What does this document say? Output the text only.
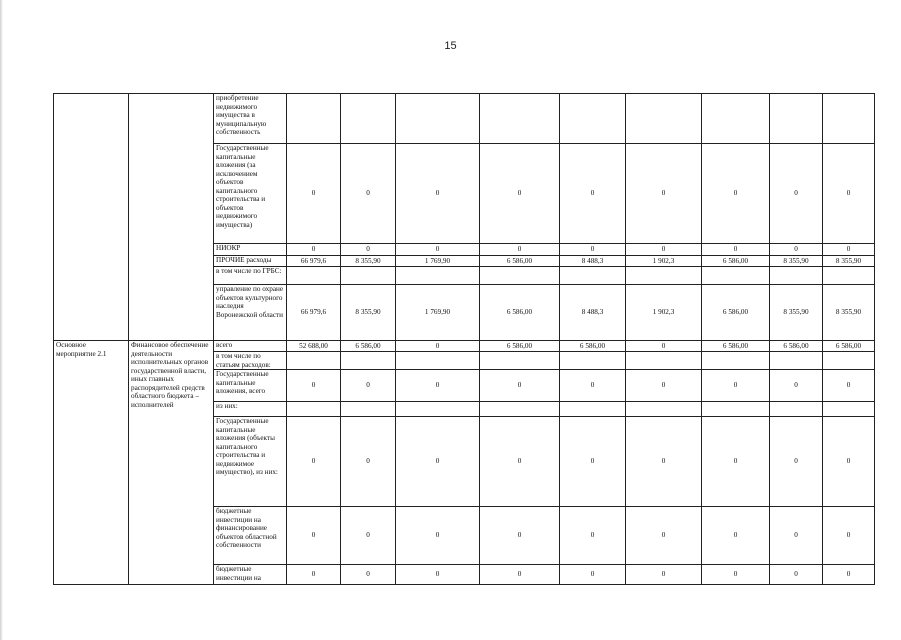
15
		приобретение недвижимого имущества в муниципальную собственность									
		Государственные капитальные вложения (за исключением объектов капитального строительства и объектов недвижимого имущества)	0	0	0	0	0	0	0	0	0
		НИОКР	0	0	0	0	0	0	0	0	0
		ПРОЧИЕ расходы	66 979,6	8 355,90	1 769,90	6 586,00	8 488,3	1 902,3	6 586,00	8 355,90	8 355,90
		в том числе по ГРБС:									
		управление по охране объектов культурного наследия Воронежской области	66 979,6	8 355,90	1 769,90	6 586,00	8 488,3	1 902,3	6 586,00	8 355,90	8 355,90
Основное мероприятие 2.1	Финансовое обеспечение деятельности исполнительных органов государственной власти, иных главных распорядителей средств областного бюджета – исполнителей	всего	52 688,00	6 586,00	0	6 586,00	6 586,00	0	6 586,00	6 586,00	6 586,00
		в том числе по статьям расходов:									
		Государственные капитальные вложения, всего	0	0	0	0	0	0	0	0	0
		из них:									
		Государственные капитальные вложения (объекты капитального строительства и недвижимое имущество), из них:	0	0	0	0	0	0	0	0	0
		бюджетные инвестиции на финансирование объектов областной собственности	0	0	0	0	0	0	0	0	0
		бюджетные инвестиции на	0	0	0	0	0	0	0	0	0
